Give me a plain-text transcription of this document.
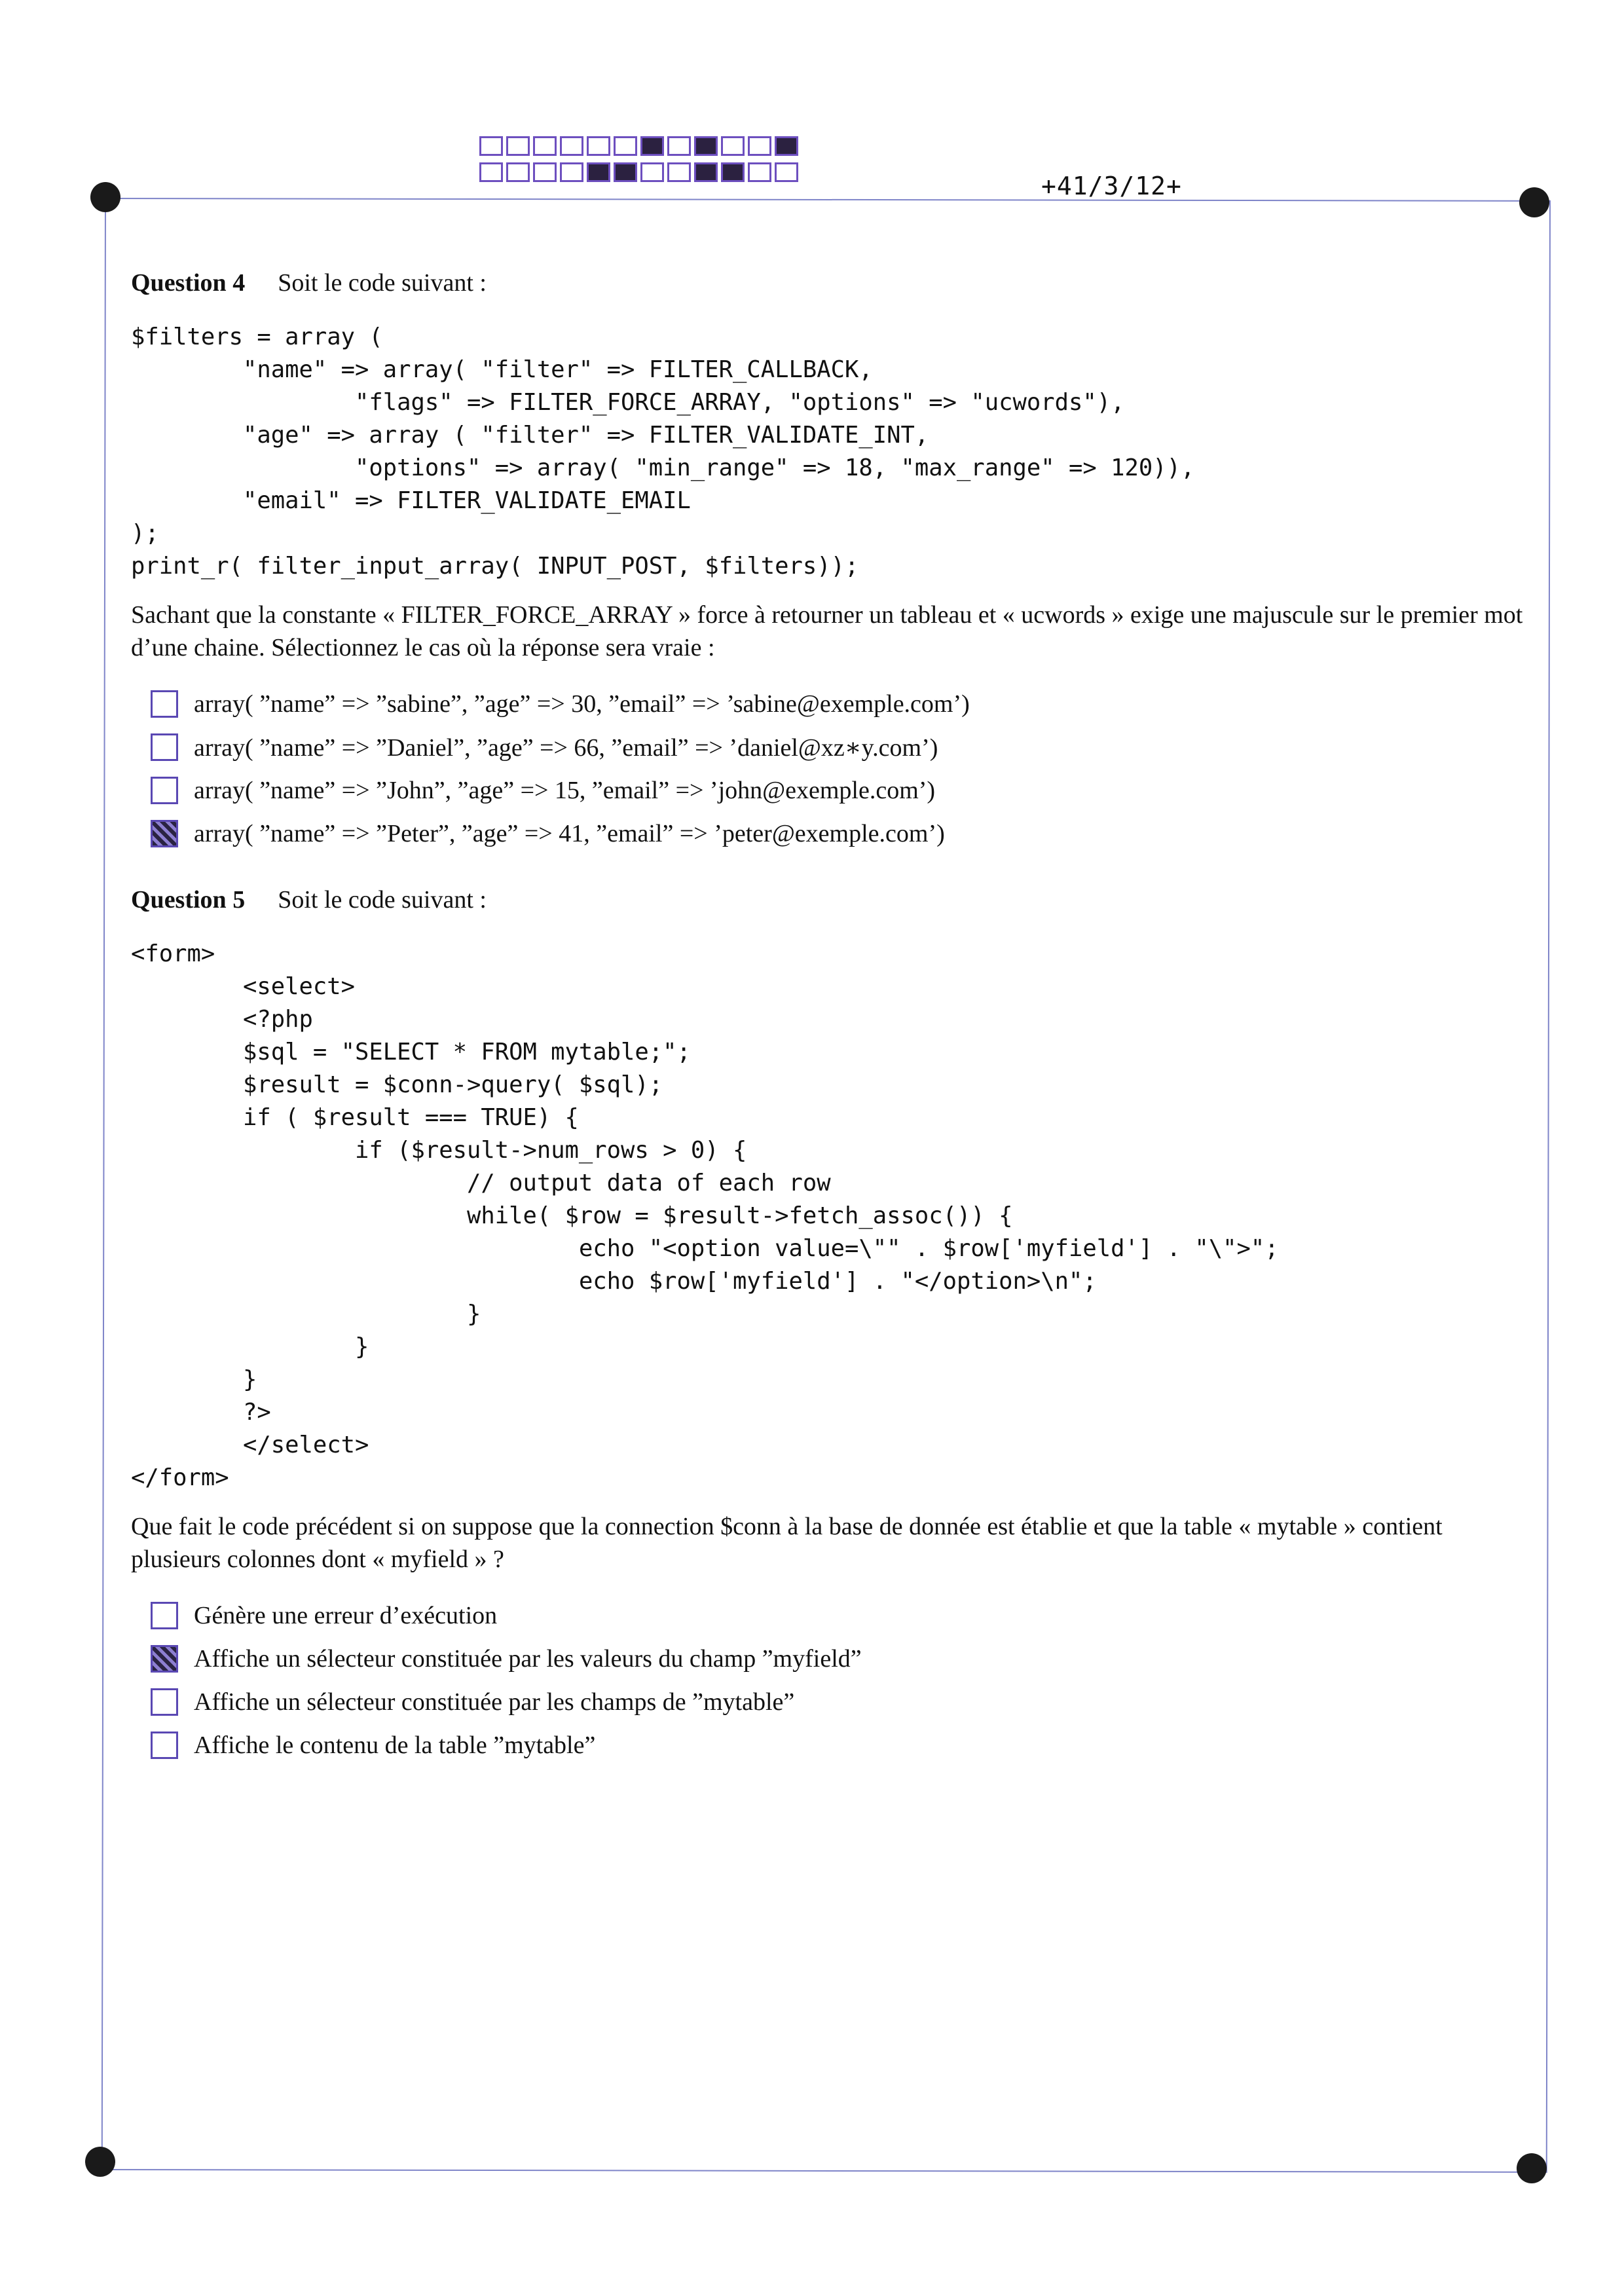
+41/3/12+
Question 4 Soit le code suivant :
$filters = array (
	"name" => array( "filter" => FILTER_CALLBACK,
		"flags" => FILTER_FORCE_ARRAY, "options" => "ucwords"),
	"age" => array ( "filter" => FILTER_VALIDATE_INT,
		"options" => array( "min_range" => 18, "max_range" => 120)),
	"email" => FILTER_VALIDATE_EMAIL
);
print_r( filter_input_array( INPUT_POST, $filters));
Sachant que la constante « FILTER_FORCE_ARRAY » force à retourner un tableau et « ucwords » exige une majuscule sur le premier mot d’une chaine. Sélectionnez le cas où la réponse sera vraie :
array( ”name” => ”sabine”, ”age” => 30, ”email” => ’sabine@exemple.com’)
array( ”name” => ”Daniel”, ”age” => 66, ”email” => ’daniel@xz∗y.com’)
array( ”name” => ”John”, ”age” => 15, ”email” => ’john@exemple.com’)
array( ”name” => ”Peter”, ”age” => 41, ”email” => ’peter@exemple.com’)
Question 5 Soit le code suivant :
<form>
	<select>
	<?php
	$sql = "SELECT * FROM mytable;";
	$result = $conn->query( $sql);
	if ( $result === TRUE) {
		if ($result->num_rows > 0) {
			// output data of each row
			while( $row = $result->fetch_assoc()) {
				echo "<option value=\"" . $row['myfield'] . "\">";
				echo $row['myfield'] . "</option>\n";
			}
		}
	}
	?>
	</select>
</form>
Que fait le code précédent si on suppose que la connection $conn à la base de donnée est établie et que la table « mytable » contient plusieurs colonnes dont « myfield » ?
Génère une erreur d’exécution
Affiche un sélecteur constituée par les valeurs du champ ”myfield”
Affiche un sélecteur constituée par les champs de ”mytable”
Affiche le contenu de la table ”mytable”
